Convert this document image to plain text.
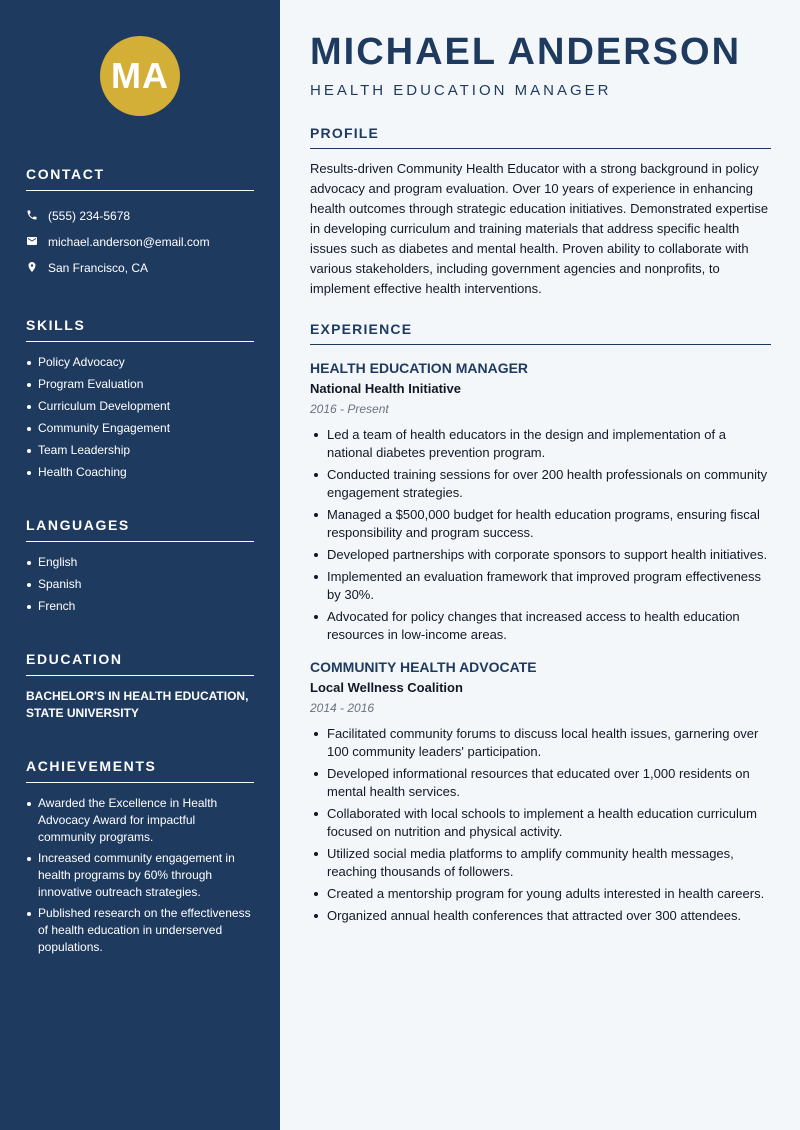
MA
CONTACT
(555) 234-5678
michael.anderson@email.com
San Francisco, CA
SKILLS
Policy Advocacy
Program Evaluation
Curriculum Development
Community Engagement
Team Leadership
Health Coaching
LANGUAGES
English
Spanish
French
EDUCATION
BACHELOR'S IN HEALTH EDUCATION, STATE UNIVERSITY
ACHIEVEMENTS
Awarded the Excellence in Health Advocacy Award for impactful community programs.
Increased community engagement in health programs by 60% through innovative outreach strategies.
Published research on the effectiveness of health education in underserved populations.
MICHAEL ANDERSON
HEALTH EDUCATION MANAGER
PROFILE

Results-driven Community Health Educator with a strong background in policy advocacy and program evaluation. Over 10 years of experience in enhancing health outcomes through strategic education initiatives. Demonstrated expertise in developing curriculum and training materials that address specific health issues such as diabetes and mental health. Proven ability to collaborate with various stakeholders, including government agencies and nonprofits, to implement effective health interventions.

EXPERIENCE
HEALTH EDUCATION MANAGER
National Health Initiative
2016 - Present
Led a team of health educators in the design and implementation of a national diabetes prevention program.
Conducted training sessions for over 200 health professionals on community engagement strategies.
Managed a $500,000 budget for health education programs, ensuring fiscal responsibility and program success.
Developed partnerships with corporate sponsors to support health initiatives.
Implemented an evaluation framework that improved program effectiveness by 30%.
Advocated for policy changes that increased access to health education resources in low-income areas.
COMMUNITY HEALTH ADVOCATE
Local Wellness Coalition
2014 - 2016
Facilitated community forums to discuss local health issues, garnering over 100 community leaders' participation.
Developed informational resources that educated over 1,000 residents on mental health services.
Collaborated with local schools to implement a health education curriculum focused on nutrition and physical activity.
Utilized social media platforms to amplify community health messages, reaching thousands of followers.
Created a mentorship program for young adults interested in health careers.
Organized annual health conferences that attracted over 300 attendees.
